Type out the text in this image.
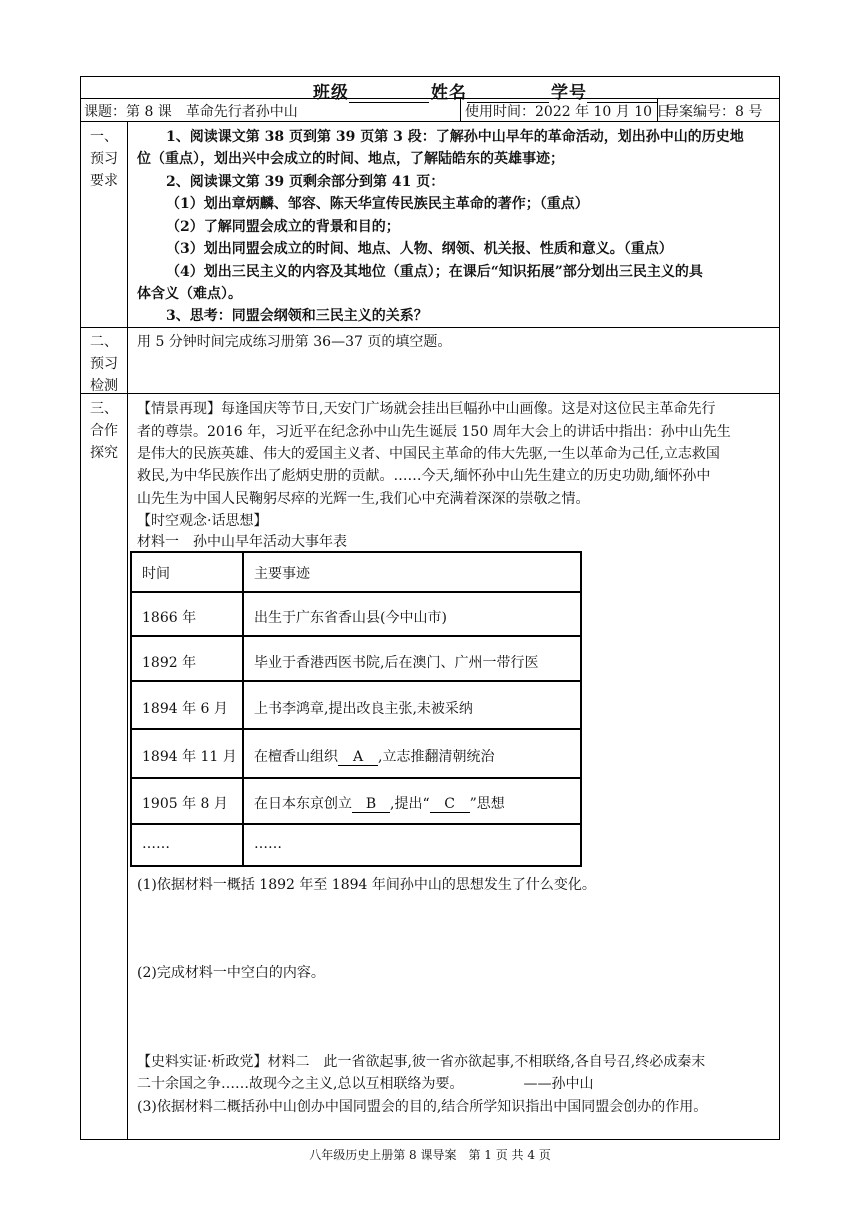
班级	姓名	学号
课题：第 8 课　革命先行者孙中山	使用时间：2022 年 10 月 10 日
导案编号：8 号
一、
预习
要求
1、阅读课文第 38 页到第 39 页第 3 段：了解孙中山早年的革命活动，划出孙中山的历史地
位（重点），划出兴中会成立的时间、地点，了解陆皓东的英雄事迹；
2、阅读课文第 39 页剩余部分到第 41 页：
（1）划出章炳麟、邹容、陈天华宣传民族民主革命的著作；（重点）
（2）了解同盟会成立的背景和目的；
（3）划出同盟会成立的时间、地点、人物、纲领、机关报、性质和意义。（重点）
（4）划出三民主义的内容及其地位（重点）；在课后“知识拓展”部分划出三民主义的具
体含义（难点）。
3、思考：同盟会纲领和三民主义的关系？
二、
预习
检测
用 5 分钟时间完成练习册第 36—37 页的填空题。
三、
合作
探究
【情景再现】每逢国庆等节日,天安门广场就会挂出巨幅孙中山画像。这是对这位民主革命先行
者的尊崇。2016 年，习近平在纪念孙中山先生诞辰 150 周年大会上的讲话中指出：孙中山先生
是伟大的民族英雄、伟大的爱国主义者、中国民主革命的伟大先驱,一生以革命为己任,立志救国
救民,为中华民族作出了彪炳史册的贡献。……今天,缅怀孙中山先生建立的历史功勋,缅怀孙中
山先生为中国人民鞠躬尽瘁的光辉一生,我们心中充满着深深的崇敬之情。
【时空观念·话思想】
材料一　孙中山早年活动大事年表
时间	主要事迹
1866 年	出生于广东省香山县(今中山市)
1892 年	毕业于香港西医书院,后在澳门、广州一带行医
1894 年 6 月 上书李鸿章,提出改良主张,未被采纳
1894 年 11 月 在檀香山组织 A ,立志推翻清朝统治
1905 年 8 月 在日本东京创立 B ,提出“ C ”思想
……	……
(1)依据材料一概括 1892 年至 1894 年间孙中山的思想发生了什么变化。
(2)完成材料一中空白的内容。
【史料实证·析政党】材料二　此一省欲起事,彼一省亦欲起事,不相联络,各自号召,终必成秦末
二十余国之争……故现今之主义,总以互相联络为要。	——孙中山
(3)依据材料二概括孙中山创办中国同盟会的目的,结合所学知识指出中国同盟会创办的作用。
八年级历史上册第 8 课导案　第 1 页 共 4 页
